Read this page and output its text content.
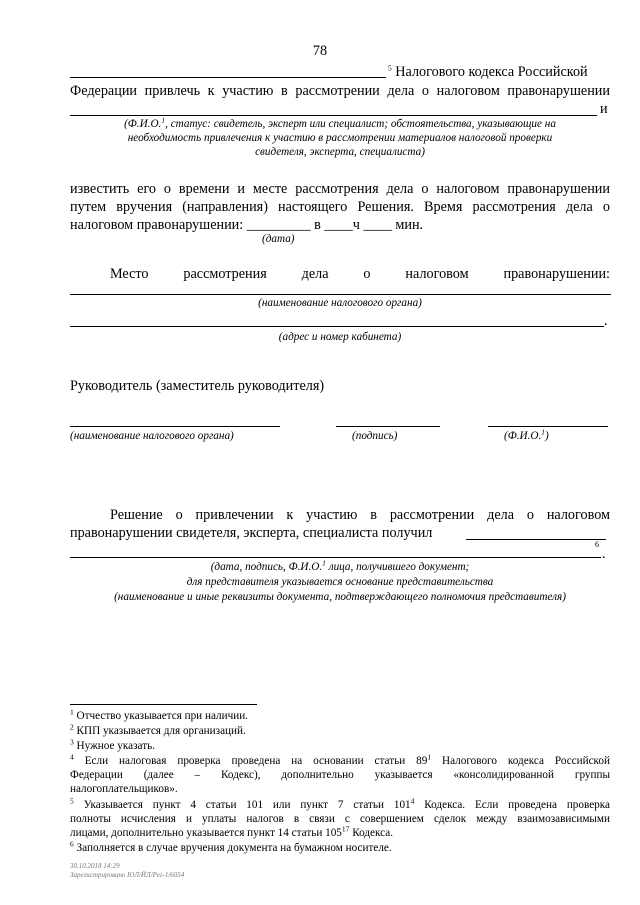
78
$^5$ Налогового кодекса Российской
Федерации привлечь к участию в рассмотрении дела о налоговом правонарушении
и
(Ф.И.О.$^1$, статус: свидетель, эксперт или специалист; обстоятельства, указывающие на
необходимость привлечения к участию в рассмотрении материалов налоговой проверки
свидетеля, эксперта, специалиста)
известить его о времени и месте рассмотрения дела о налоговом правонарушении
путем вручения (направления) настоящего Решения. Время рассмотрения дела о
налоговом правонарушении: _________ в ____ч ____ мин.
(дата)
Место рассмотрения дела о налоговом правонарушении:
(наименование налогового органа)
.
(адрес и номер кабинета)
Руководитель (заместитель руководителя)
(наименование налогового органа)	(подпись)	(Ф.И.О.$^1$)
Решение о привлечении к участию в рассмотрении дела о налоговом
правонарушении свидетеля, эксперта, специалиста получил
6
.
(дата, подпись, Ф.И.О.$^1$ лица, получившего документ;
для представителя указывается основание представительства
(наименование и иные реквизиты документа, подтверждающего полномочия представителя)
$^1$ Отчество указывается при наличии.
$^2$ КПП указывается для организаций.
$^3$ Нужное указать.
$^4$ Если налоговая проверка проведена на основании статьи $89^1$ Налогового кодекса Российской
Федерации (далее – Кодекс), дополнительно указывается «консолидированной группы
налогоплательщиков».
$^5$ Указывается пункт 4 статьи 101 или пункт 7 статьи $101^4$ Кодекса. Если проведена проверка
полноты исчисления и уплаты налогов в связи с совершением сделок между взаимозависимыми
лицами, дополнительно указывается пункт 14 статьи $105^{17}$ Кодекса.
$^6$ Заполняется в случае вручения документа на бумажном носителе.
30.10.2018 14:29
Зарегистрировано ЮЛ/ЙЛ/Рег-1/6054
